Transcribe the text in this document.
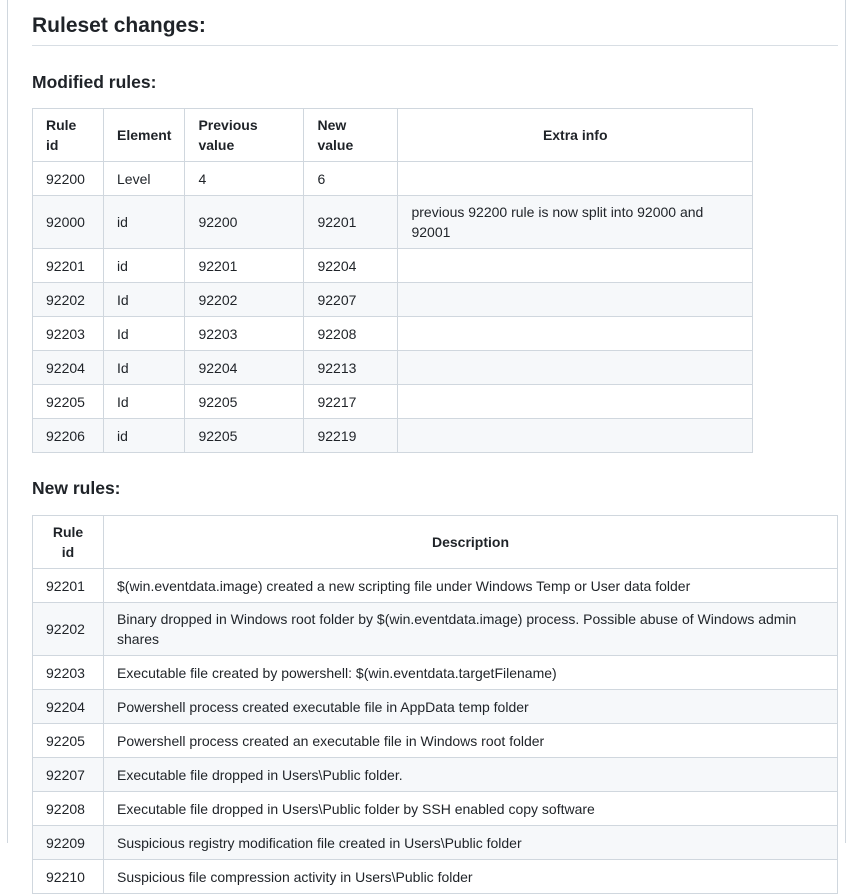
Ruleset changes:
Modified rules:
Rule id	Element	Previous value	New value	Extra info
92200	Level	4	6	
92000	id	92200	92201	previous 92200 rule is now split into 92000 and 92001
92201	id	92201	92204	
92202	Id	92202	92207	
92203	Id	92203	92208	
92204	Id	92204	92213	
92205	Id	92205	92217	
92206	id	92205	92219	
New rules:
Rule id	Description
92201	$(win.eventdata.image) created a new scripting file under Windows Temp or User data folder
92202	Binary dropped in Windows root folder by $(win.eventdata.image) process. Possible abuse of Windows admin shares
92203	Executable file created by powershell: $(win.eventdata.targetFilename)
92204	Powershell process created executable file in AppData temp folder
92205	Powershell process created an executable file in Windows root folder
92207	Executable file dropped in Users\Public folder.
92208	Executable file dropped in Users\Public folder by SSH enabled copy software
92209	Suspicious registry modification file created in Users\Public folder
92210	Suspicious file compression activity in Users\Public folder
